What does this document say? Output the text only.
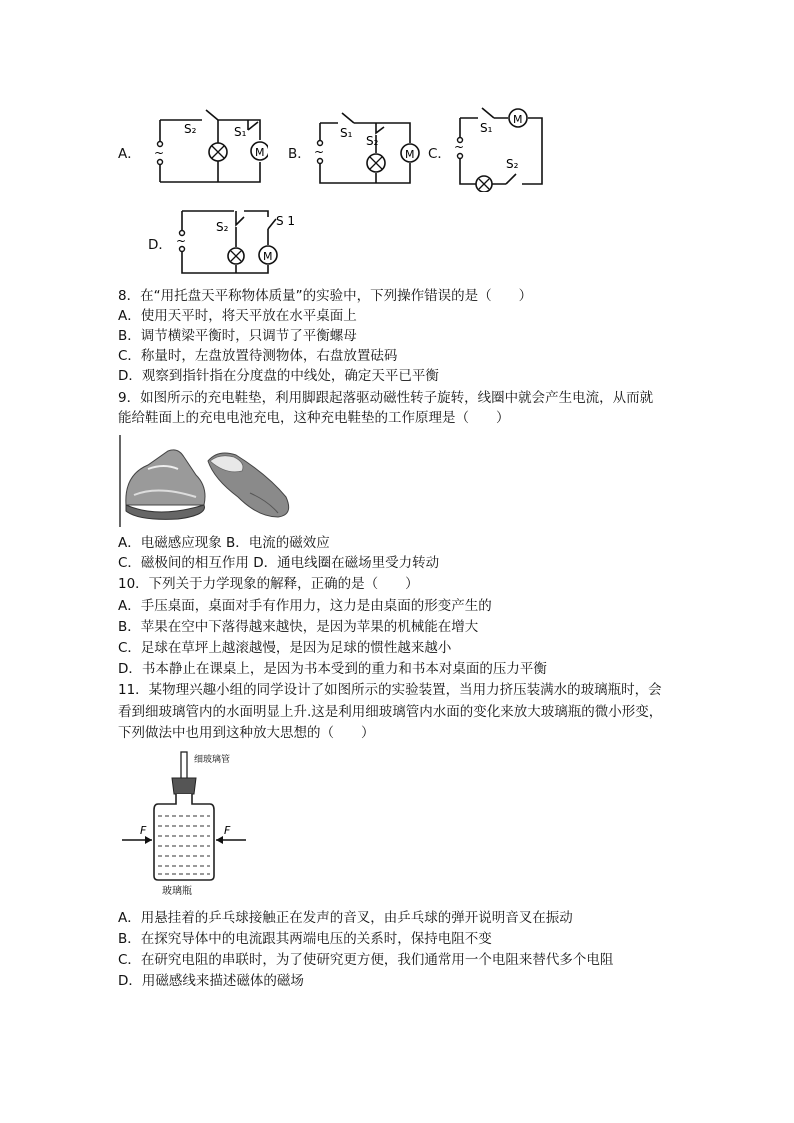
A． ~	M
S₂	S₁
B． ~	M
S₁
S₂
C． ~
M
S₁
S₂
D． ~
M
S₂	S 1
8．在“用托盘天平称物体质量”的实验中，下列操作错误的是（　　）
A．使用天平时，将天平放在水平桌面上
B．调节横梁平衡时，只调节了平衡螺母
C．称量时，左盘放置待测物体，右盘放置砝码
D．观察到指针指在分度盘的中线处，确定天平已平衡
9．如图所示的充电鞋垫，利用脚跟起落驱动磁性转子旋转，线圈中就会产生电流，从而就
能给鞋面上的充电电池充电，这种充电鞋垫的工作原理是（　　）
A．电磁感应现象 B．电流的磁效应
C．磁极间的相互作用 D．通电线圈在磁场里受力转动
10．下列关于力学现象的解释，正确的是（　　）
A．手压桌面，桌面对手有作用力，这力是由桌面的形变产生的
B．苹果在空中下落得越来越快，是因为苹果的机械能在增大
C．足球在草坪上越滚越慢，是因为足球的惯性越来越小
D．书本静止在课桌上，是因为书本受到的重力和书本对桌面的压力平衡
11．某物理兴趣小组的同学设计了如图所示的实验装置，当用力挤压装满水的玻璃瓶时，会
看到细玻璃管内的水面明显上升.这是利用细玻璃管内水面的变化来放大玻璃瓶的微小形变，
下列做法中也用到这种放大思想的（　　）
F	F
细玻璃管
玻璃瓶
A．用悬挂着的乒乓球接触正在发声的音叉，由乒乓球的弹开说明音叉在振动
B．在探究导体中的电流跟其两端电压的关系时，保持电阻不变
C．在研究电阻的串联时，为了使研究更方便，我们通常用一个电阻来替代多个电阻
D．用磁感线来描述磁体的磁场
